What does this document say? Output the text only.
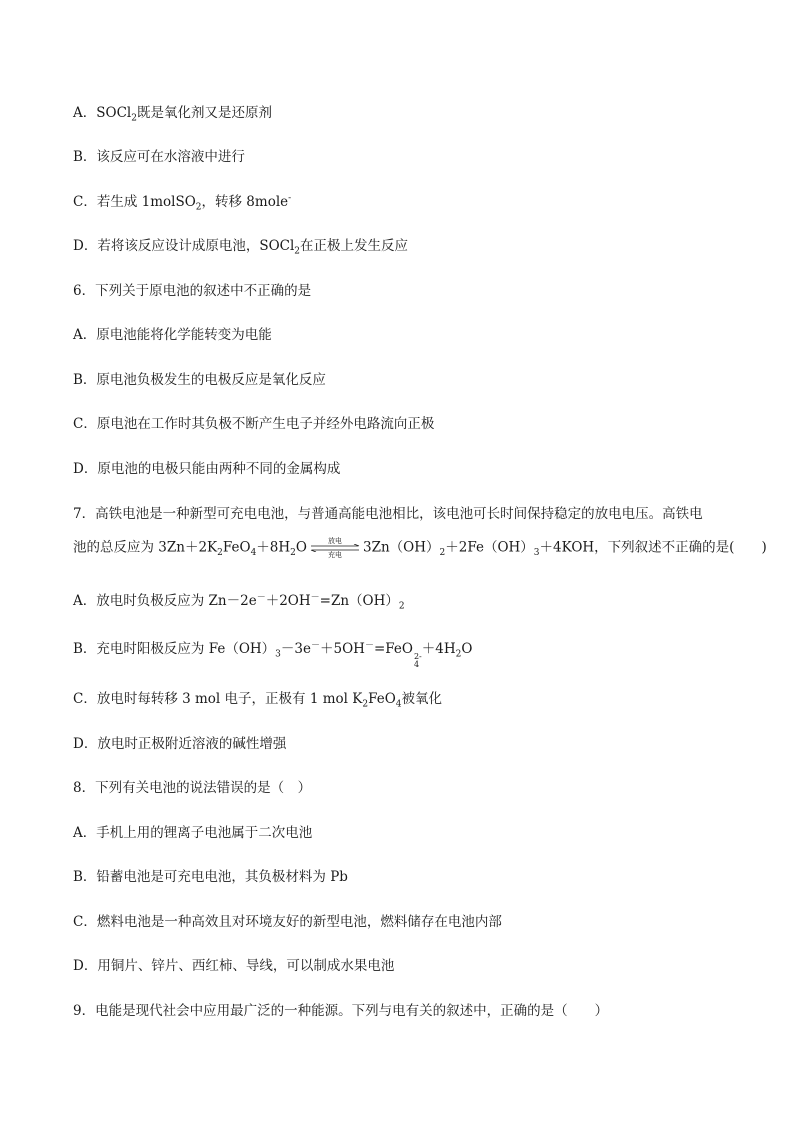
A．SOCl$_2$既是氧化剂又是还原剂
B．该反应可在水溶液中进行
C．若生成 1molSO$_2$，转移 8mole-
D．若将该反应设计成原电池，SOCl$_2$在正极上发生反应
6．下列关于原电池的叙述中不正确的是
A．原电池能将化学能转变为电能
B．原电池负极发生的电极反应是氧化反应
C．原电池在工作时其负极不断产生电子并经外电路流向正极
D．原电池的电极只能由两种不同的金属构成
7．高铁电池是一种新型可充电电池，与普通高能电池相比，该电池可长时间保持稳定的放电电压。高铁电
池的总反应为 $3Zn+2K_2FeO_4+8H_2O$	放电
充电	$3Zn(OH)_2+2Fe(OH)_3+4KOH$，下列叙述不正确的是(　　)
A．放电时负极反应为 $Zn-2e^-+2OH^-=Zn(OH)_2$
B．充电时阳极反应为 $Fe(OH)_3-3e^-+5OH^-=FeO$ 2-
4
$+4H_2O$
C．放电时每转移 3 mol 电子，正极有 1 mol $K_2FeO_4$被氧化
D．放电时正极附近溶液的碱性增强
8．下列有关电池的说法错误的是（　）
A．手机上用的锂离子电池属于二次电池
B．铅蓄电池是可充电电池，其负极材料为 Pb
C．燃料电池是一种高效且对环境友好的新型电池，燃料储存在电池内部
D．用铜片、锌片、西红柿、导线，可以制成水果电池
9．电能是现代社会中应用最广泛的一种能源。下列与电有关的叙述中，正确的是（　　）
